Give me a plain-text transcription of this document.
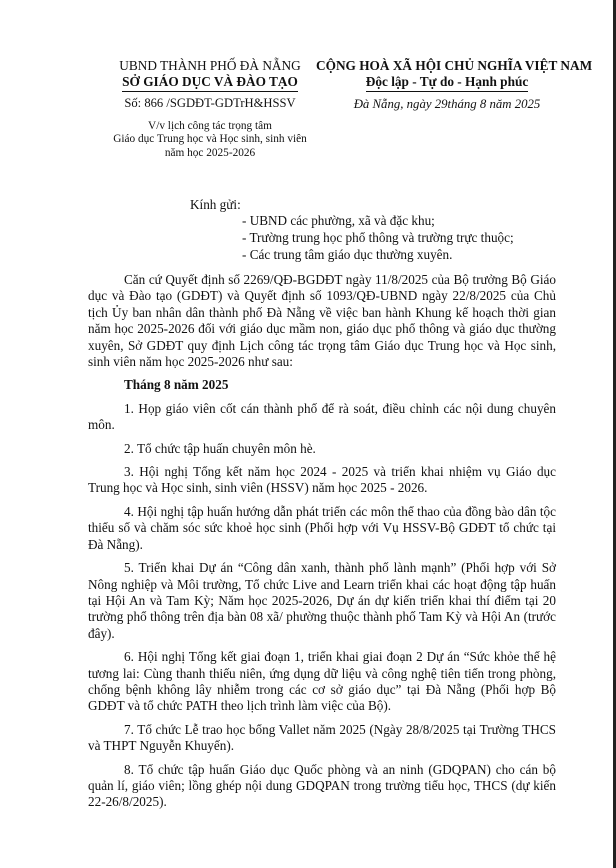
UBND THÀNH PHỐ ĐÀ NẴNG
SỞ GIÁO DỤC VÀ ĐÀO TẠO
Số: 866 /SGDĐT-GDTrH&HSSV
V/v lịch công tác trọng tâm
Giáo dục Trung học và Học sinh, sinh viên
năm học 2025-2026
CỘNG HOÀ XÃ HỘI CHỦ NGHĨA VIỆT NAM
Độc lập - Tự do - Hạnh phúc
Đà Nẵng, ngày 29tháng 8 năm 2025
Kính gửi:
- UBND các phường, xã và đặc khu;
- Trường trung học phổ thông và trường trực thuộc;
- Các trung tâm giáo dục thường xuyên.

Căn cứ Quyết định số 2269/QĐ-BGDĐT ngày 11/8/2025 của Bộ trưởng Bộ Giáo dục và Đào tạo (GDĐT) và Quyết định số 1093/QĐ-UBND ngày 22/8/2025 của Chủ tịch Ủy ban nhân dân thành phố Đà Nẵng về việc ban hành Khung kế hoạch thời gian năm học 2025-2026 đối với giáo dục mầm non, giáo dục phổ thông và giáo dục thường xuyên, Sở GDĐT quy định Lịch công tác trọng tâm Giáo dục Trung học và Học sinh, sinh viên năm học 2025-2026 như sau:

Tháng 8 năm 2025

1. Họp giáo viên cốt cán thành phố để rà soát, điều chỉnh các nội dung chuyên môn.

2. Tổ chức tập huấn chuyên môn hè.

3. Hội nghị Tổng kết năm học 2024 - 2025 và triển khai nhiệm vụ Giáo dục Trung học và Học sinh, sinh viên (HSSV) năm học 2025 - 2026.

4. Hội nghị tập huấn hướng dẫn phát triển các môn thể thao của đồng bào dân tộc thiểu số và chăm sóc sức khoẻ học sinh (Phối hợp với Vụ HSSV-Bộ GDĐT tổ chức tại Đà Nẵng).

5. Triển khai Dự án “Công dân xanh, thành phố lành mạnh” (Phối hợp với Sở Nông nghiệp và Môi trường, Tổ chức Live and Learn triển khai các hoạt động tập huấn tại Hội An và Tam Kỳ; Năm học 2025-2026, Dự án dự kiến triển khai thí điểm tại 20 trường phổ thông trên địa bàn 08 xã/ phường thuộc thành phố Tam Kỳ và Hội An (trước đây).

6. Hội nghị Tổng kết giai đoạn 1, triển khai giai đoạn 2 Dự án “Sức khỏe thế hệ tương lai: Cùng thanh thiếu niên, ứng dụng dữ liệu và công nghệ tiên tiến trong phòng, chống bệnh không lây nhiễm trong các cơ sở giáo dục” tại Đà Nẵng (Phối hợp Bộ GDĐT và tổ chức PATH theo lịch trình làm việc của Bộ).

7. Tổ chức Lễ trao học bổng Vallet năm 2025 (Ngày 28/8/2025 tại Trường THCS và THPT Nguyễn Khuyến).

8. Tổ chức tập huấn Giáo dục Quốc phòng và an ninh (GDQPAN) cho cán bộ quản lí, giáo viên; lồng ghép nội dung GDQPAN trong trường tiểu học, THCS (dự kiến 22-26/8/2025).
